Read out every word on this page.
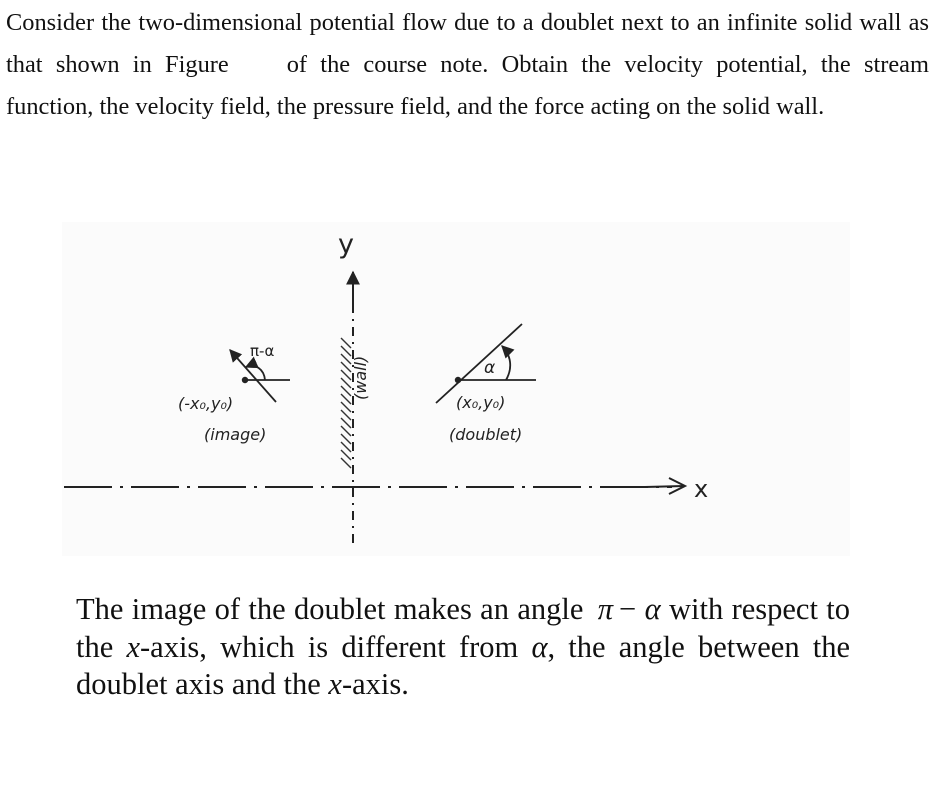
Consider the two-dimensional potential flow due to a doublet next to an infinite solid wall as that shown in Figure of the course note. Obtain the velocity potential, the stream function, the velocity field, the pressure field, and the force acting on the solid wall.

x
y
(wall)
π-α
(-x₀,y₀)
(image)
α
(x₀,y₀)
(doublet)

The image of the doublet makes an angle π − α with respect to the x-axis, which is different from α, the angle between the doublet axis and the x-axis.
